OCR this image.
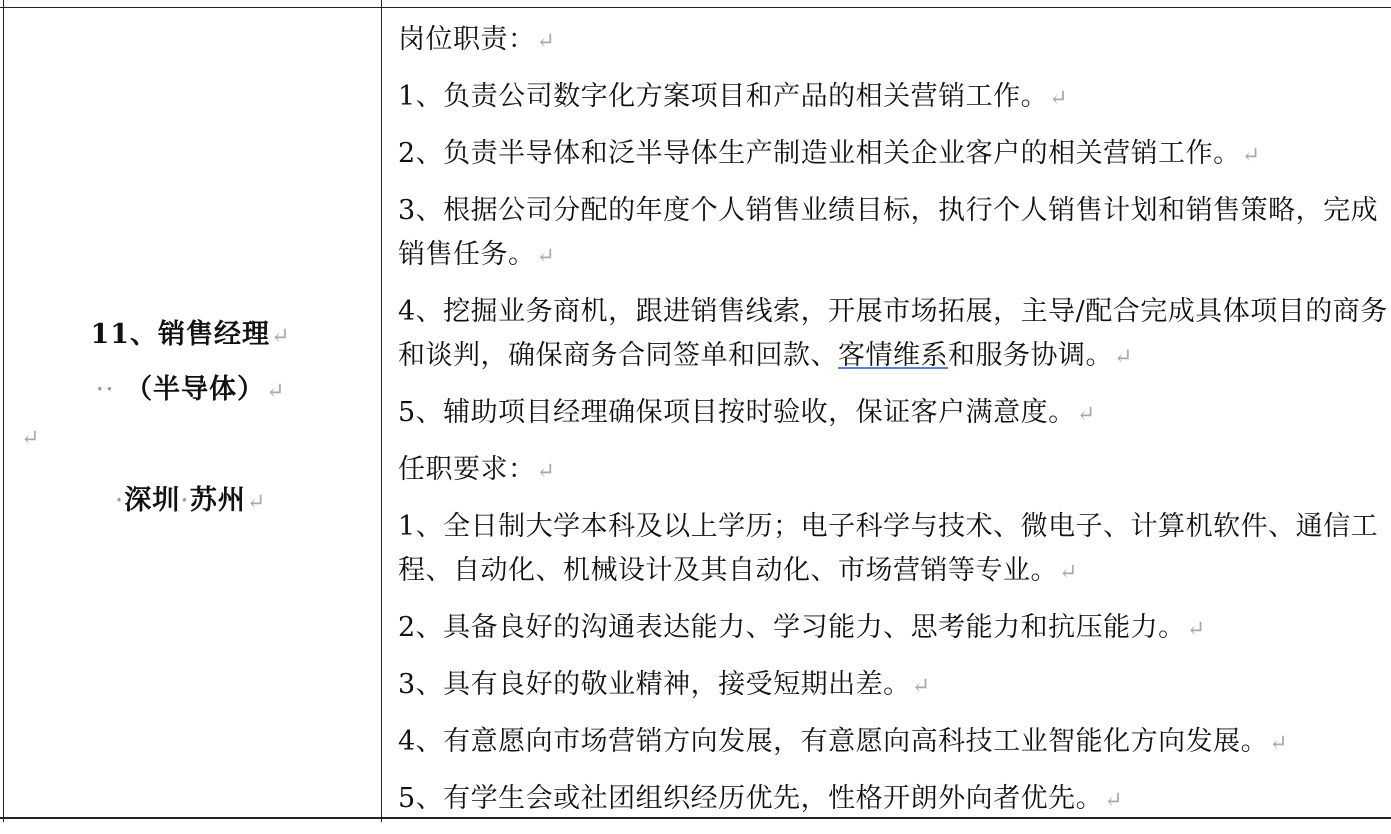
11、销售经理↵
·· （半导体）↵
↵
·深圳·苏州↵

岗位职责：↵

1、负责公司数字化方案项目和产品的相关营销工作。↵

2、负责半导体和泛半导体生产制造业相关企业客户的相关营销工作。↵

3、根据公司分配的年度个人销售业绩目标，执行个人销售计划和销售策略，完成销售任务。↵

4、挖掘业务商机，跟进销售线索，开展市场拓展，主导/配合完成具体项目的商务和谈判，确保商务合同签单和回款、客情维系和服务协调。↵

5、辅助项目经理确保项目按时验收，保证客户满意度。↵

任职要求：↵

1、全日制大学本科及以上学历；电子科学与技术、微电子、计算机软件、通信工程、自动化、机械设计及其自动化、市场营销等专业。↵

2、具备良好的沟通表达能力、学习能力、思考能力和抗压能力。↵

3、具有良好的敬业精神，接受短期出差。↵

4、有意愿向市场营销方向发展，有意愿向高科技工业智能化方向发展。↵

5、有学生会或社团组织经历优先，性格开朗外向者优先。↵
